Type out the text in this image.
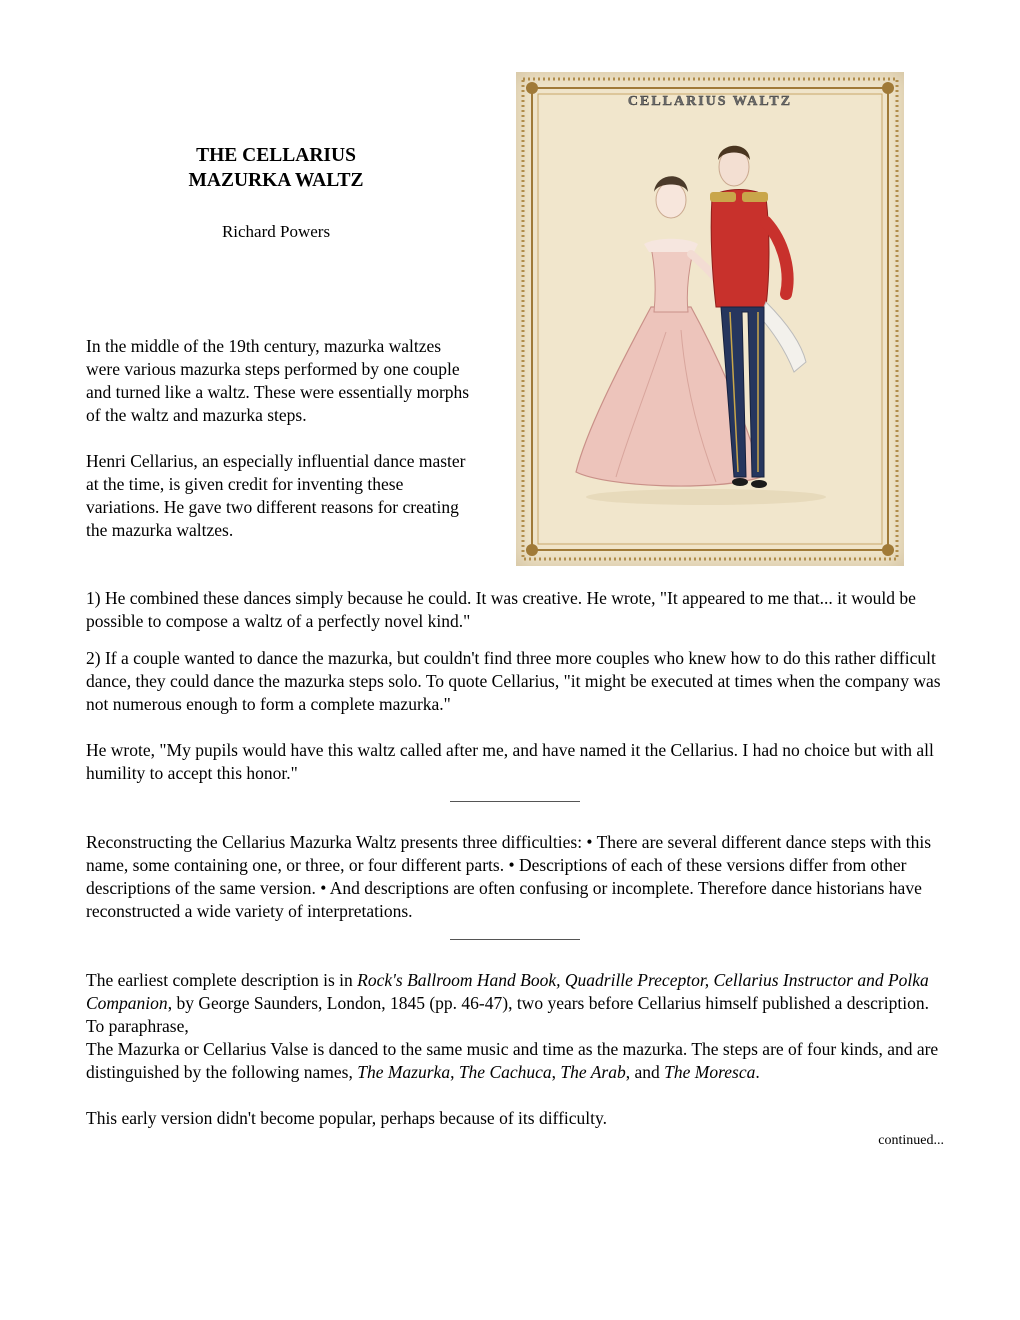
THE CELLARIUS

MAZURKA WALTZ

Richard Powers

In the middle of the 19th century, mazurka waltzes were various mazurka steps performed by one couple and turned like a waltz. These were essentially morphs of the waltz and mazurka steps.

Henri Cellarius, an especially influential dance master at the time, is given credit for inventing these variations. He gave two different reasons for creating the mazurka waltzes.

CELLARIUS WALTZ

1) He combined these dances simply because he could. It was creative. He wrote, "It appeared to me that... it would be possible to compose a waltz of a perfectly novel kind."

2) If a couple wanted to dance the mazurka, but couldn't find three more couples who knew how to do this rather difficult dance, they could dance the mazurka steps solo. To quote Cellarius, "it might be executed at times when the company was not numerous enough to form a complete mazurka."

He wrote, "My pupils would have this waltz called after me, and have named it the Cellarius. I had no choice but with all humility to accept this honor."

Reconstructing the Cellarius Mazurka Waltz presents three difficulties: • There are several different dance steps with this name, some containing one, or three, or four different parts. • Descriptions of each of these versions differ from other descriptions of the same version. • And descriptions are often confusing or incomplete. Therefore dance historians have reconstructed a wide variety of interpretations.

The earliest complete description is in Rock's Ballroom Hand Book, Quadrille Preceptor, Cellarius Instructor and Polka Companion, by George Saunders, London, 1845 (pp. 46-47), two years before Cellarius himself published a description. To paraphrase,

The Mazurka or Cellarius Valse is danced to the same music and time as the mazurka. The steps are of four kinds, and are distinguished by the following names, The Mazurka, The Cachuca, The Arab, and The Moresca.

This early version didn't become popular, perhaps because of its difficulty.

continued...
